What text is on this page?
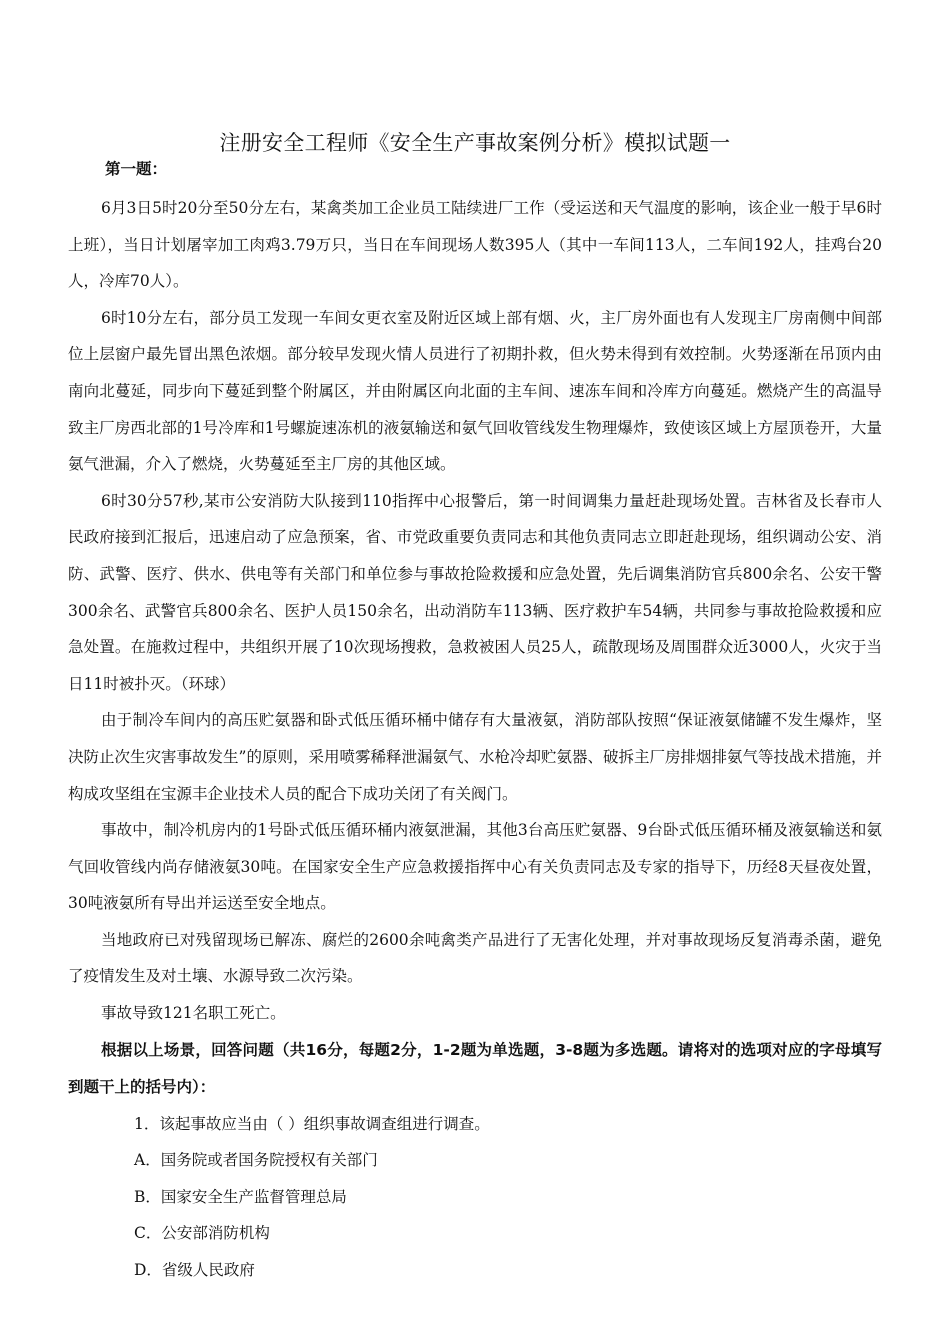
注册安全工程师《安全生产事故案例分析》模拟试题一
第一题：

6月3日5时20分至50分左右，某禽类加工企业员工陆续进厂工作（受运送和天气温度的影响，该企业一般于早6时上班），当日计划屠宰加工肉鸡3.79万只，当日在车间现场人数395人（其中一车间113人，二车间192人，挂鸡台20人，冷库70人）。

6时10分左右，部分员工发现一车间女更衣室及附近区域上部有烟、火，主厂房外面也有人发现主厂房南侧中间部位上层窗户最先冒出黑色浓烟。部分较早发现火情人员进行了初期扑救，但火势未得到有效控制。火势逐渐在吊顶内由南向北蔓延，同步向下蔓延到整个附属区，并由附属区向北面的主车间、速冻车间和冷库方向蔓延。燃烧产生的高温导致主厂房西北部的1号冷库和1号螺旋速冻机的液氨输送和氨气回收管线发生物理爆炸，致使该区域上方屋顶卷开，大量氨气泄漏，介入了燃烧，火势蔓延至主厂房的其他区域。

6时30分57秒,某市公安消防大队接到110指挥中心报警后，第一时间调集力量赶赴现场处置。吉林省及长春市人民政府接到汇报后，迅速启动了应急预案，省、市党政重要负责同志和其他负责同志立即赶赴现场，组织调动公安、消防、武警、医疗、供水、供电等有关部门和单位参与事故抢险救援和应急处置，先后调集消防官兵800余名、公安干警300余名、武警官兵800余名、医护人员150余名，出动消防车113辆、医疗救护车54辆，共同参与事故抢险救援和应急处置。在施救过程中，共组织开展了10次现场搜救，急救被困人员25人，疏散现场及周围群众近3000人，火灾于当日11时被扑灭。（环球）

由于制冷车间内的高压贮氨器和卧式低压循环桶中储存有大量液氨，消防部队按照“保证液氨储罐不发生爆炸，坚决防止次生灾害事故发生”的原则，采用喷雾稀释泄漏氨气、水枪冷却贮氨器、破拆主厂房排烟排氨气等技战术措施，并构成攻坚组在宝源丰企业技术人员的配合下成功关闭了有关阀门。

事故中，制冷机房内的1号卧式低压循环桶内液氨泄漏，其他3台高压贮氨器、9台卧式低压循环桶及液氨输送和氨气回收管线内尚存储液氨30吨。在国家安全生产应急救援指挥中心有关负责同志及专家的指导下，历经8天昼夜处置，30吨液氨所有导出并运送至安全地点。

当地政府已对残留现场已解冻、腐烂的2600余吨禽类产品进行了无害化处理，并对事故现场反复消毒杀菌，避免了疫情发生及对土壤、水源导致二次污染。

事故导致121名职工死亡。

根据以上场景，回答问题（共16分，每题2分，1-2题为单选题，3-8题为多选题。请将对的选项对应的字母填写到题干上的括号内）：

1．该起事故应当由（ ）组织事故调查组进行调查。

A．国务院或者国务院授权有关部门

B．国家安全生产监督管理总局

C．公安部消防机构

D．省级人民政府
